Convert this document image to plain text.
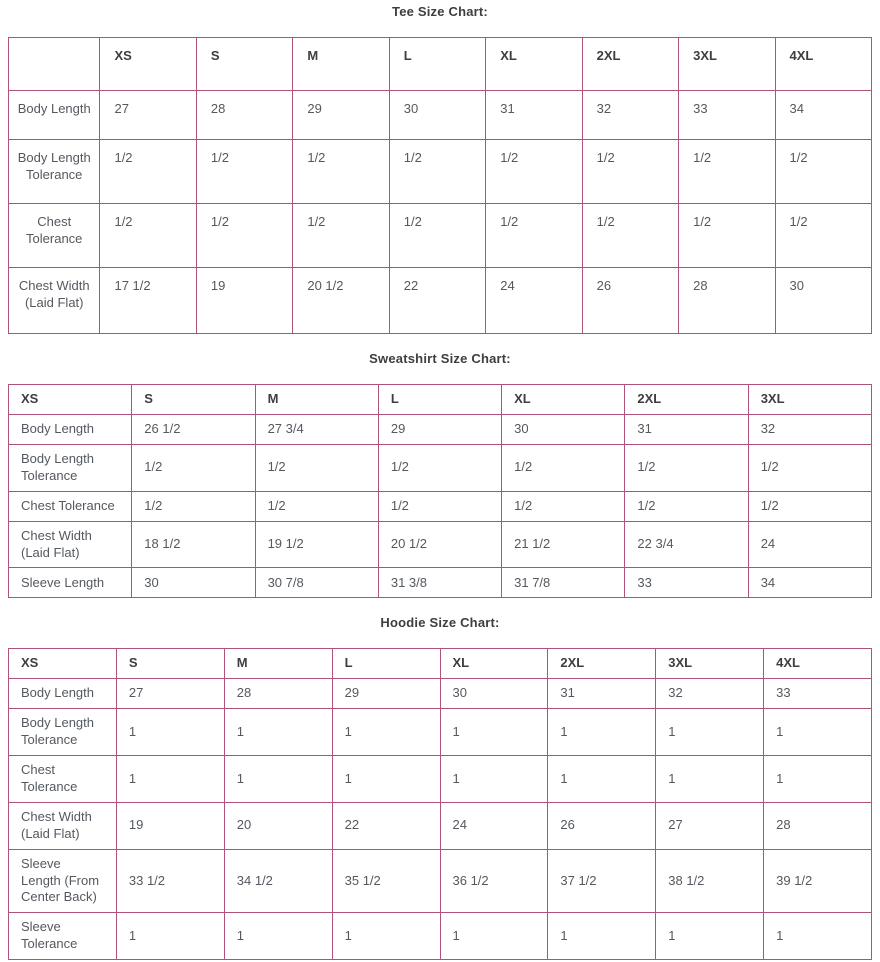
Tee Size Chart:
	XS	S	M	L	XL	2XL	3XL	4XL
Body Length	27	28	29	30	31	32	33	34
Body Length Tolerance	1/2	1/2	1/2	1/2	1/2	1/2	1/2	1/2
Chest Tolerance	1/2	1/2	1/2	1/2	1/2	1/2	1/2	1/2
Chest Width (Laid Flat)	17 1/2	19	20 1/2	22	24	26	28	30
Sweatshirt Size Chart:
XS	S	M	L	XL	2XL	3XL
Body Length	26 1/2	27 3/4	29	30	31	32
Body Length Tolerance	1/2	1/2	1/2	1/2	1/2	1/2
Chest Tolerance	1/2	1/2	1/2	1/2	1/2	1/2
Chest Width (Laid Flat)	18 1/2	19 1/2	20 1/2	21 1/2	22 3/4	24
Sleeve Length	30	30 7/8	31 3/8	31 7/8	33	34
Hoodie Size Chart:
XS	S	M	L	XL	2XL	3XL	4XL
Body Length	27	28	29	30	31	32	33
Body Length Tolerance	1	1	1	1	1	1	1
Chest Tolerance	1	1	1	1	1	1	1
Chest Width (Laid Flat)	19	20	22	24	26	27	28
Sleeve Length (From Center Back)	33 1/2	34 1/2	35 1/2	36 1/2	37 1/2	38 1/2	39 1/2
Sleeve Tolerance	1	1	1	1	1	1	1
